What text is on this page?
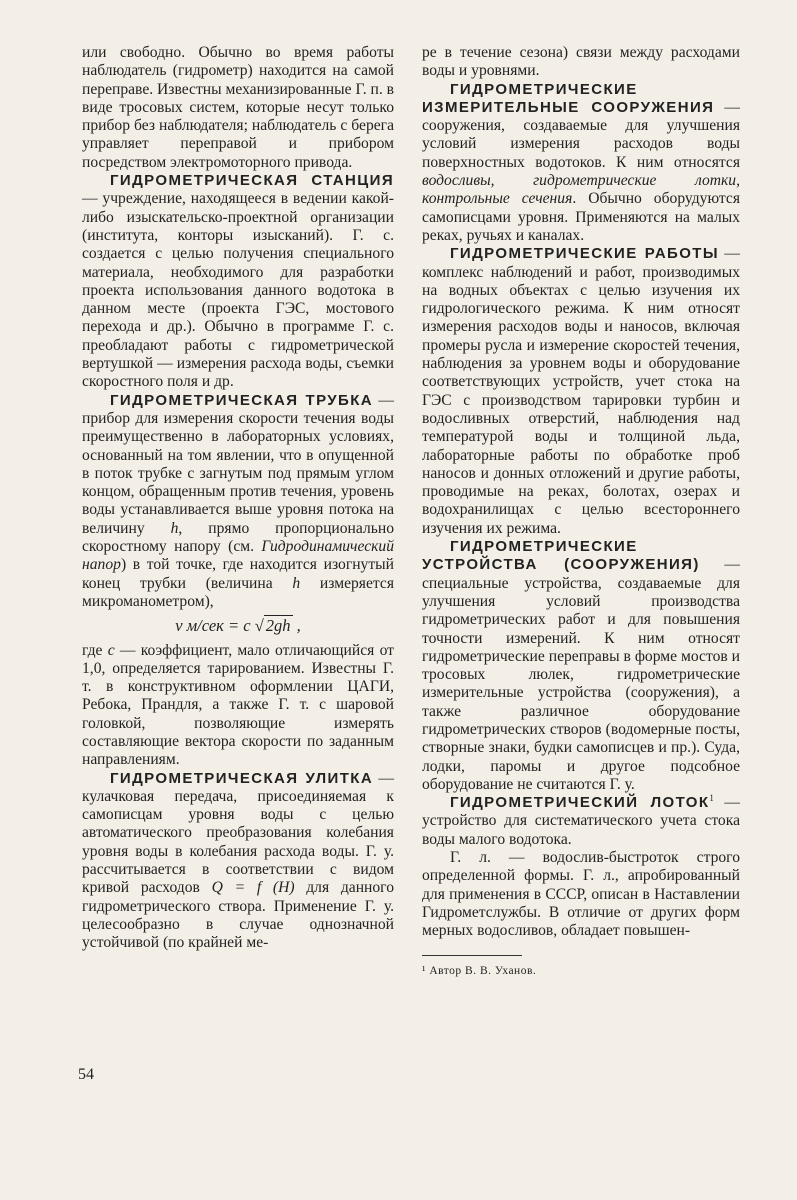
или свободно. Обычно во время работы наблюдатель (гидрометр) находится на самой переправе. Известны механизированные Г. п. в виде тросовых систем, которые несут только прибор без наблюдателя; наблюдатель с берега управляет переправой и прибором посредством электромоторного привода.

ГИДРОМЕТРИЧЕСКАЯ СТАНЦИЯ — учреждение, находящееся в ведении какой-либо изыскательско-проектной организации (института, конторы изысканий). Г. с. создается с целью получения специального материала, необходимого для разработки проекта использования данного водотока в данном месте (проекта ГЭС, мостового перехода и др.). Обычно в программе Г. с. преобладают работы с гидрометрической вертушкой — измерения расхода воды, съемки скоростного поля и др.

ГИДРОМЕТРИЧЕСКАЯ ТРУБКА — прибор для измерения скорости течения воды преимущественно в лабораторных условиях, основанный на том явлении, что в опущенной в поток трубке с загнутым под прямым углом концом, обращенным против течения, уровень воды устанавливается выше уровня потока на величину h, прямо пропорционально скоростному напору (см. Гидродинамический напор) в той точке, где находится изогнутый конец трубки (величина h измеряется микроманометром),

v м/сек = c √ 2gh ,

где c — коэффициент, мало отличающийся от 1,0, определяется тарированием. Известны Г. т. в конструктивном оформлении ЦАГИ, Ребока, Прандля, а также Г. т. с шаровой головкой, позволяющие измерять составляющие вектора скорости по заданным направлениям.

ГИДРОМЕТРИЧЕСКАЯ УЛИТКА — кулачковая передача, присоединяемая к самописцам уровня воды с целью автоматического преобразования колебания уровня воды в колебания расхода воды. Г. у. рассчитывается в соответствии с видом кривой расходов Q = f (H) для данного гидрометрического створа. Применение Г. у. целесообразно в случае однозначной устойчивой (по крайней ме-

ре в течение сезона) связи между расходами воды и уровнями.

ГИДРОМЕТРИЧЕСКИЕ ИЗМЕРИТЕЛЬНЫЕ СООРУЖЕНИЯ — сооружения, создаваемые для улучшения условий измерения расходов воды поверхностных водотоков. К ним относятся водосливы, гидрометрические лотки, контрольные сечения. Обычно оборудуются самописцами уровня. Применяются на малых реках, ручьях и каналах.

ГИДРОМЕТРИЧЕСКИЕ РАБОТЫ — комплекс наблюдений и работ, производимых на водных объектах с целью изучения их гидрологического режима. К ним относят измерения расходов воды и наносов, включая промеры русла и измерение скоростей течения, наблюдения за уровнем воды и оборудование соответствующих устройств, учет стока на ГЭС с производством тарировки турбин и водосливных отверстий, наблюдения над температурой воды и толщиной льда, лабораторные работы по обработке проб наносов и донных отложений и другие работы, проводимые на реках, болотах, озерах и водохранилищах с целью всестороннего изучения их режима.

ГИДРОМЕТРИЧЕСКИЕ УСТРОЙСТВА (СООРУЖЕНИЯ) — специальные устройства, создаваемые для улучшения условий производства гидрометрических работ и для повышения точности измерений. К ним относят гидрометрические переправы в форме мостов и тросовых люлек, гидрометрические измерительные устройства (сооружения), а также различное оборудование гидрометрических створов (водомерные посты, створные знаки, будки самописцев и пр.). Суда, лодки, паромы и другое подсобное оборудование не считаются Г. у.

ГИДРОМЕТРИЧЕСКИЙ ЛОТОК$^1$ — устройство для систематического учета стока воды малого водотока.

Г. л. — водослив-быстроток строго определенной формы. Г. л., апробированный для применения в СССР, описан в Наставлении Гидрометслужбы. В отличие от других форм мерных водосливов, обладает повышен-

¹ Автор В. В. Уханов.

54
